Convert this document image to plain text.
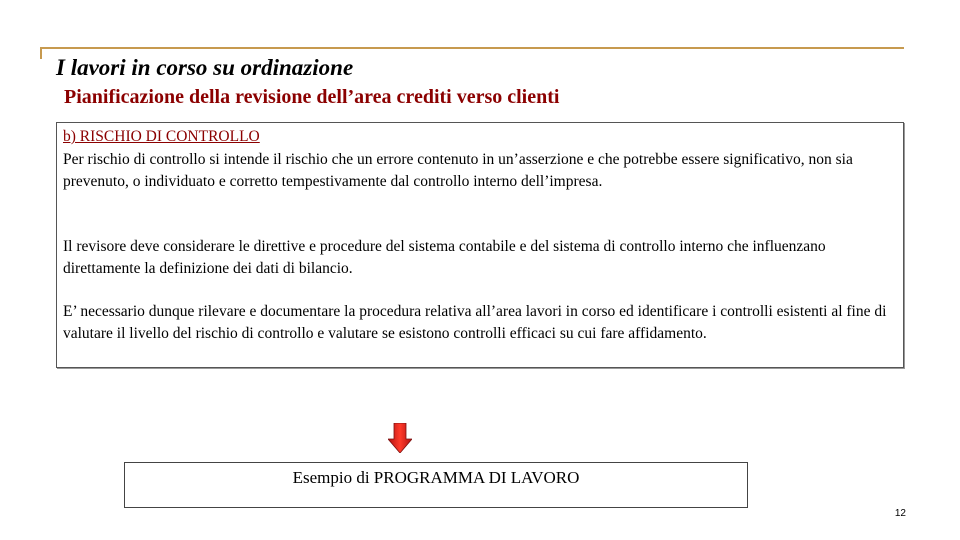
I lavori in corso su ordinazione
Pianificazione della revisione dell’area crediti verso clienti
b) RISCHIO DI CONTROLLO

Per rischio di controllo si intende il rischio che un errore contenuto in un’asserzione e che potrebbe essere significativo, non sia prevenuto, o individuato e corretto tempestivamente dal controllo interno dell’impresa.

Il revisore deve considerare le direttive e procedure del sistema contabile e del sistema di controllo interno che influenzano direttamente la definizione dei dati di bilancio.

E’ necessario dunque rilevare e documentare la procedura relativa all’area lavori in corso ed identificare i controlli esistenti al fine di valutare il livello del rischio di controllo e valutare se esistono controlli efficaci su cui fare affidamento.

Esempio di PROGRAMMA DI LAVORO
12
